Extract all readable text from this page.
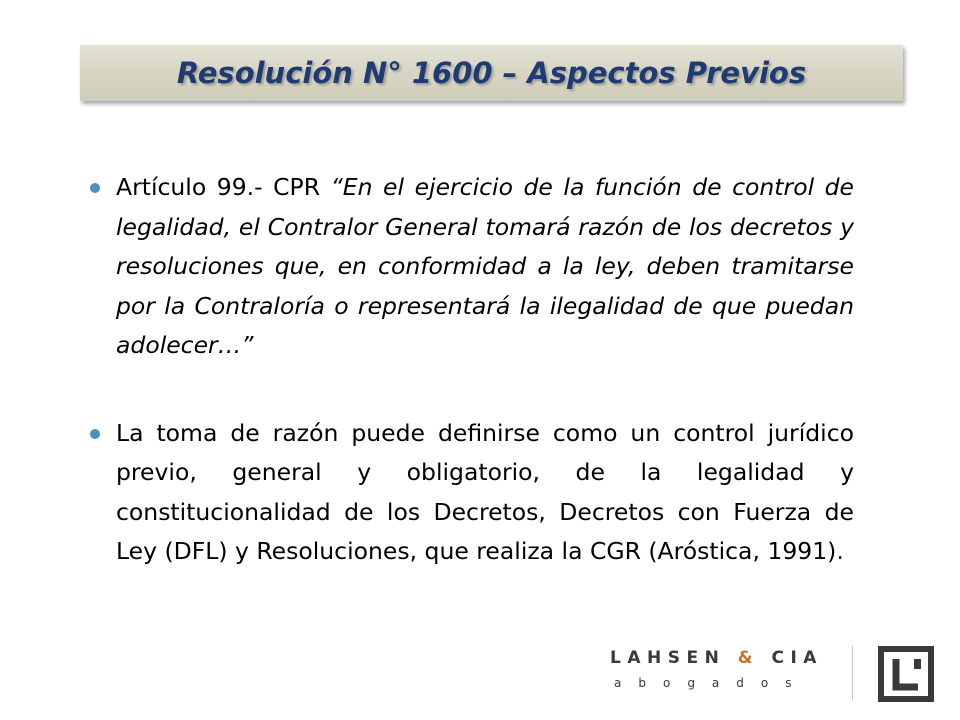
Resolución N° 1600 – Aspectos Previos
Artículo 99.- CPR “En el ejercicio de la función de control de legalidad, el Contralor General tomará razón de los decretos y resoluciones que, en conformidad a la ley, deben tramitarse por la Contraloría o representará la ilegalidad de que puedan adolecer…”
La toma de razón puede definirse como un control jurídico previo, general y obligatorio, de la legalidad y constitucionalidad de los Decretos, Decretos con Fuerza de Ley (DFL) y Resoluciones, que realiza la CGR (Aróstica, 1991).
LAHSEN & CIA
abogados
